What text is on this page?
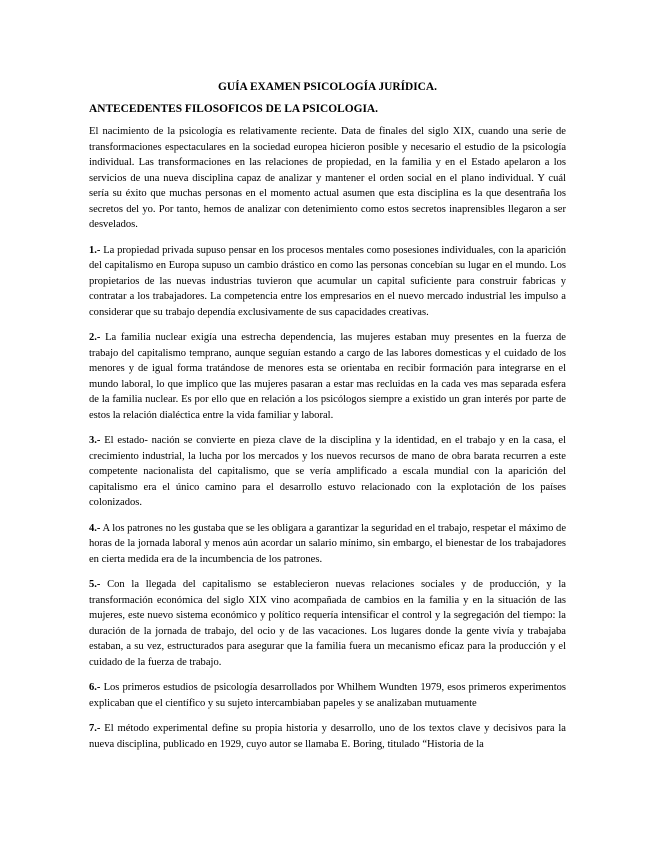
GUÍA EXAMEN PSICOLOGÍA JURÍDICA.
ANTECEDENTES FILOSOFICOS DE LA PSICOLOGIA.

El nacimiento de la psicología es relativamente reciente. Data de finales del siglo XIX, cuando una serie de transformaciones espectaculares en la sociedad europea hicieron posible y necesario el estudio de la psicología individual. Las transformaciones en las relaciones de propiedad, en la familia y en el Estado apelaron a los servicios de una nueva disciplina capaz de analizar y mantener el orden social en el plano individual. Y cuál sería su éxito que muchas personas en el momento actual asumen que esta disciplina es la que desentraña los secretos del yo. Por tanto, hemos de analizar con detenimiento como estos secretos inaprensibles llegaron a ser desvelados.

1.- La propiedad privada supuso pensar en los procesos mentales como posesiones individuales, con la aparición del capitalismo en Europa supuso un cambio drástico en como las personas concebían su lugar en el mundo. Los propietarios de las nuevas industrias tuvieron que acumular un capital suficiente para construir fabricas y contratar a los trabajadores. La competencia entre los empresarios en el nuevo mercado industrial les impulso a considerar que su trabajo dependía exclusivamente de sus capacidades creativas.

2.- La familia nuclear exigía una estrecha dependencia, las mujeres estaban muy presentes en la fuerza de trabajo del capitalismo temprano, aunque seguían estando a cargo de las labores domesticas y el cuidado de los menores y de igual forma tratándose de menores esta se orientaba en recibir formación para integrarse en el mundo laboral, lo que implico que las mujeres pasaran a estar mas recluidas en la cada ves mas separada esfera de la familia nuclear. Es por ello que en relación a los psicólogos siempre a existido un gran interés por parte de estos la relación dialéctica entre la vida familiar y laboral.

3.- El estado- nación se convierte en pieza clave de la disciplina y la identidad, en el trabajo y en la casa, el crecimiento industrial, la lucha por los mercados y los nuevos recursos de mano de obra barata recurren a este competente nacionalista del capitalismo, que se vería amplificado a escala mundial con la aparición del capitalismo era el único camino para el desarrollo estuvo relacionado con la explotación de los países colonizados.

4.- A los patrones no les gustaba que se les obligara a garantizar la seguridad en el trabajo, respetar el máximo de horas de la jornada laboral y menos aún acordar un salario mínimo, sin embargo, el bienestar de los trabajadores en cierta medida era de la incumbencia de los patrones.

5.- Con la llegada del capitalismo se establecieron nuevas relaciones sociales y de producción, y la transformación económica del siglo XIX vino acompañada de cambios en la familia y en la situación de las mujeres, este nuevo sistema económico y político requería intensificar el control y la segregación del tiempo: la duración de la jornada de trabajo, del ocio y de las vacaciones. Los lugares donde la gente vivía y trabajaba estaban, a su vez, estructurados para asegurar que la familia fuera un mecanismo eficaz para la producción y el cuidado de la fuerza de trabajo.

6.- Los primeros estudios de psicología desarrollados por Whilhem Wundten 1979, esos primeros experimentos explicaban que el científico y su sujeto intercambiaban papeles y se analizaban mutuamente

7.- El método experimental define su propia historia y desarrollo, uno de los textos clave y decisivos para la nueva disciplina, publicado en 1929, cuyo autor se llamaba E. Boring, titulado “Historia de la
